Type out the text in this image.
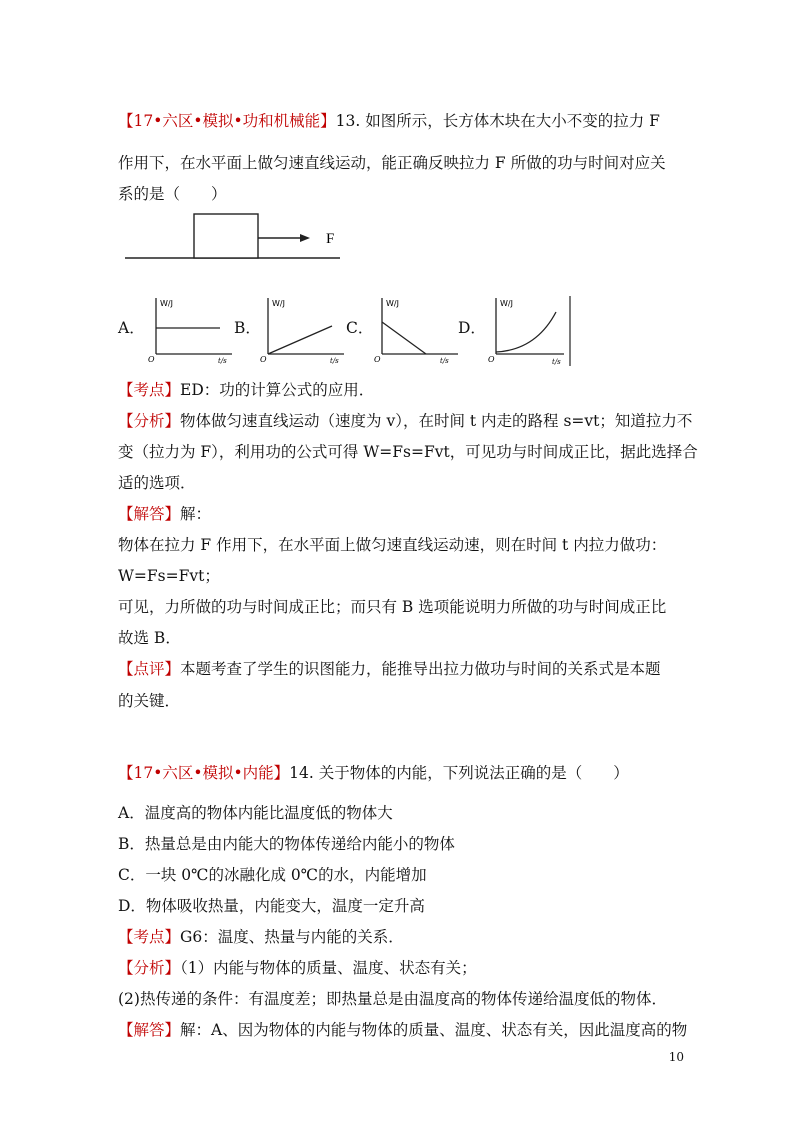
【17•六区•模拟•功和机械能】13. 如图所示，长方体木块在大小不变的拉力 F
作用下，在水平面上做匀速直线运动，能正确反映拉力 F 所做的功与时间对应关
系的是（　　）
F
A．
W/J
O	t/s
B．
W/J
O	t/s
C．
W/J
O	t/s
D．
W/J
O	t/s
【考点】ED：功的计算公式的应用．
【分析】物体做匀速直线运动（速度为 v），在时间 t 内走的路程 s=vt；知道拉力不
变（拉力为 F），利用功的公式可得 W=Fs=Fvt，可见功与时间成正比，据此选择合
适的选项．
【解答】解：
物体在拉力 F 作用下，在水平面上做匀速直线运动速，则在时间 t 内拉力做功：
W=Fs=Fvt；
可见，力所做的功与时间成正比；而只有 B 选项能说明力所做的功与时间成正比
故选 B．
【点评】本题考查了学生的识图能力，能推导出拉力做功与时间的关系式是本题
的关键．
【17•六区•模拟•内能】14. 关于物体的内能，下列说法正确的是（　　）
A．温度高的物体内能比温度低的物体大
B．热量总是由内能大的物体传递给内能小的物体
C．一块 0℃的冰融化成 0℃的水，内能增加
D．物体吸收热量，内能变大，温度一定升高
【考点】G6：温度、热量与内能的关系．
【分析】（1）内能与物体的质量、温度、状态有关；
(2)热传递的条件：有温度差；即热量总是由温度高的物体传递给温度低的物体．
【解答】解：A、因为物体的内能与物体的质量、温度、状态有关，因此温度高的物
10
